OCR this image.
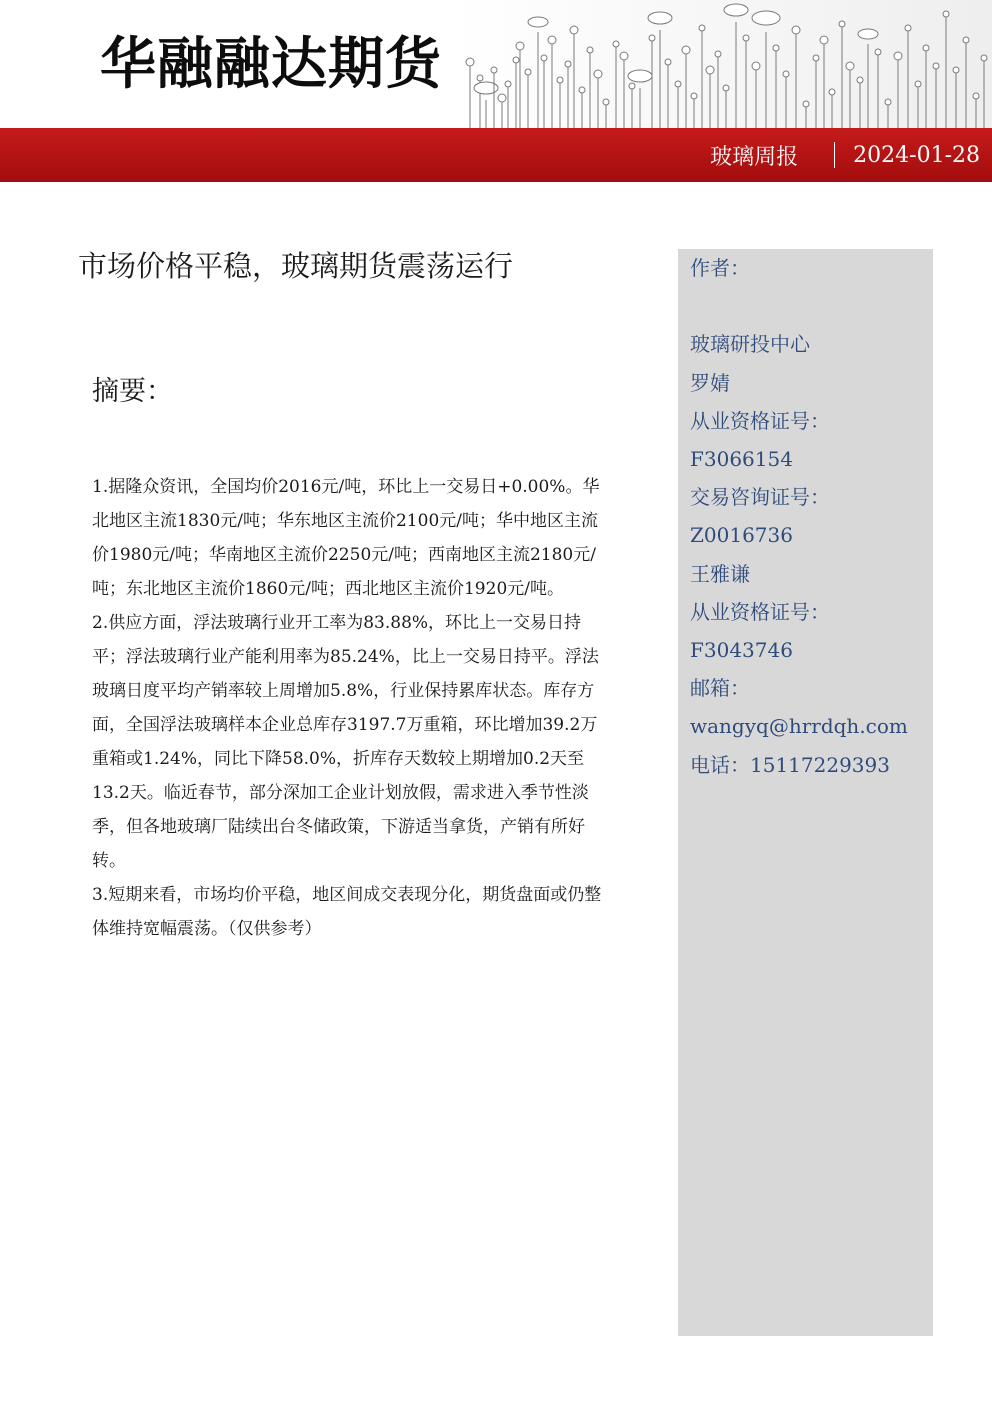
华融融达期货
玻璃周报	2024-01-28
市场价格平稳，玻璃期货震荡运行
摘要：

1.据隆众资讯，全国均价2016元/吨，环比上一交易日+0.00%。华北地区主流1830元/吨；华东地区主流价2100元/吨；华中地区主流价1980元/吨；华南地区主流价2250元/吨；西南地区主流2180元/吨；东北地区主流价1860元/吨；西北地区主流价1920元/吨。

2.供应方面，浮法玻璃行业开工率为83.88%，环比上一交易日持平；浮法玻璃行业产能利用率为85.24%，比上一交易日持平。浮法玻璃日度平均产销率较上周增加5.8%，行业保持累库状态。库存方面，全国浮法玻璃样本企业总库存3197.7万重箱，环比增加39.2万重箱或1.24%，同比下降58.0%，折库存天数较上期增加0.2天至13.2天。临近春节，部分深加工企业计划放假，需求进入季节性淡季，但各地玻璃厂陆续出台冬储政策，下游适当拿货，产销有所好转。

3.短期来看，市场均价平稳，地区间成交表现分化，期货盘面或仍整体维持宽幅震荡。（仅供参考）

作者：
玻璃研投中心
罗婧
从业资格证号：
F3066154
交易咨询证号：
Z0016736
王雅谦
从业资格证号：
F3043746
邮箱：
wangyq@hrrdqh.com
电话：15117229393
